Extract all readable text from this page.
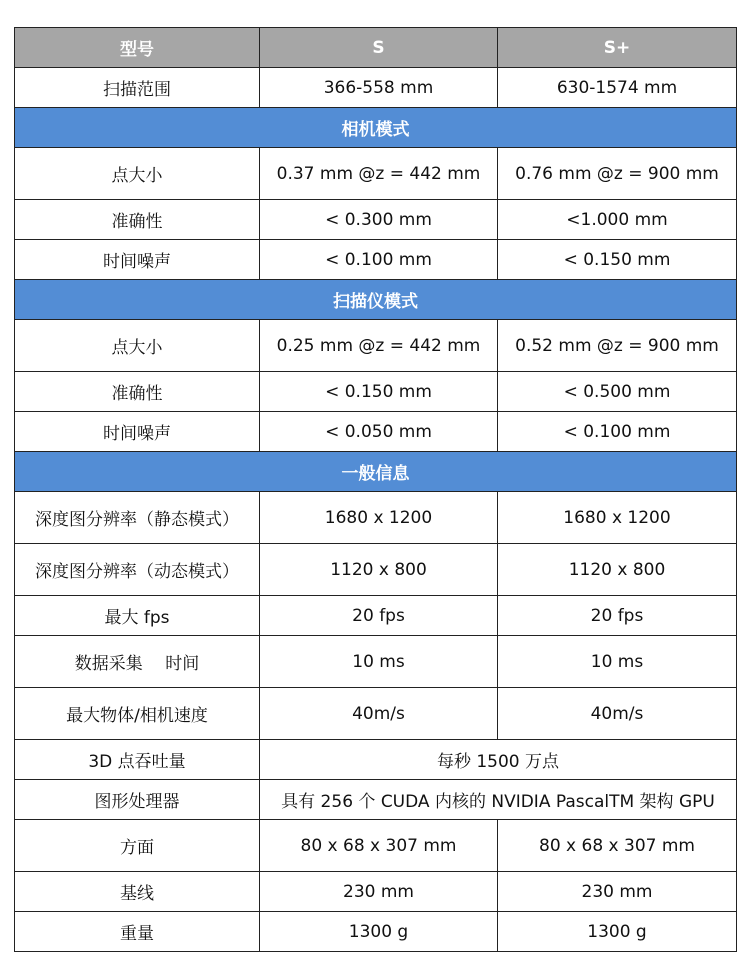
型号	S	S+
扫描范围	366-558 mm	630-1574 mm
相机模式		
点大小	0.37 mm @z = 442 mm	0.76 mm @z = 900 mm
准确性	< 0.300 mm	<1.000 mm
时间噪声	< 0.100 mm	< 0.150 mm
扫描仪模式		
点大小	0.25 mm @z = 442 mm	0.52 mm @z = 900 mm
准确性	< 0.150 mm	< 0.500 mm
时间噪声	< 0.050 mm	< 0.100 mm
一般信息		
深度图分辨率（静态模式）	1680 x 1200	1680 x 1200
深度图分辨率（动态模式）	1120 x 800	1120 x 800
最大 fps	20 fps	20 fps
数据采集　 时间	10 ms	10 ms
最大物体/相机速度	40m/s	40m/s
3D 点吞吐量	每秒 1500 万点	
图形处理器	具有 256 个 CUDA 内核的 NVIDIA PascalTM 架构 GPU	
方面	80 x 68 x 307 mm	80 x 68 x 307 mm
基线	230 mm	230 mm
重量	1300 g	1300 g
